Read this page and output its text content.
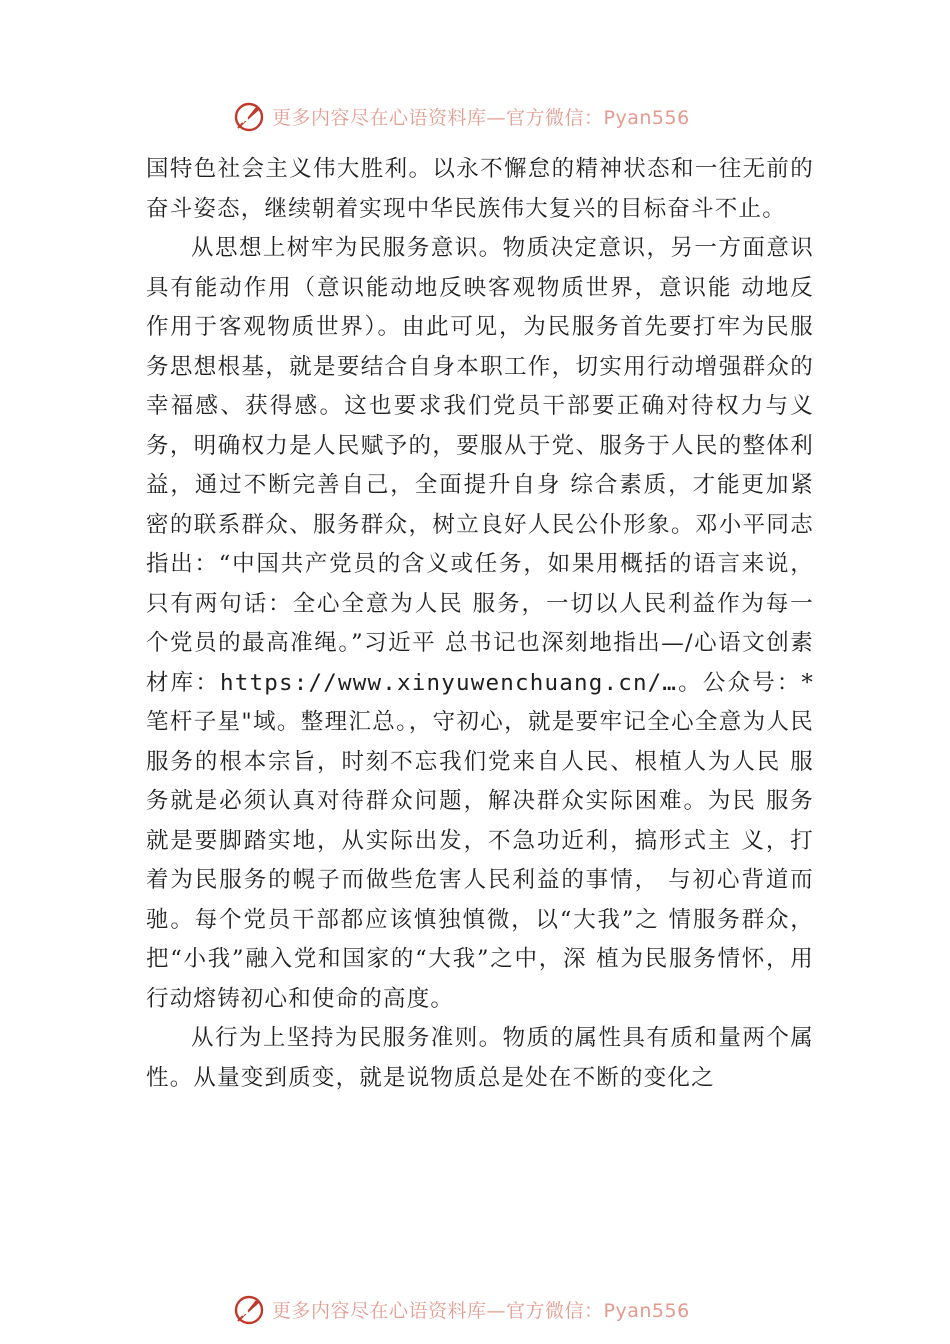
更多内容尽在心语资料库—官方微信：Pyan556

国特色社会主义伟大胜利。以永不懈怠的精神状态和一往无前的奋斗姿态，继续朝着实现中华民族伟大复兴的目标奋斗不止。

从思想上树牢为民服务意识。物质决定意识，另一方面意识具有能动作用（意识能动地反映客观物质世界，意识能 动地反作用于客观物质世界）。由此可见，为民服务首先要打牢为民服务思想根基，就是要结合自身本职工作，切实用行动增强群众的幸福感、获得感。这也要求我们党员干部要正确对待权力与义务，明确权力是人民赋予的，要服从于党、服务于人民的整体利益，通过不断完善自己，全面提升自身 综合素质，才能更加紧密的联系群众、服务群众，树立良好人民公仆形象。邓小平同志指出：“中国共产党员的含义或任务，如果用概括的语言来说，只有两句话：全心全意为人民 服务，一切以人民利益作为每一个党员的最高准绳。”习近平 总书记也深刻地指出—/心语文创素材库：https://www.xinyuwenchuang.cn/…。公众号：*笔杆子星"域。整理汇总。，守初心，就是要牢记全心全意为人民 服务的根本宗旨，时刻不忘我们党来自人民、根植人为人民 服务就是必须认真对待群众问题，解决群众实际困难。为民 服务就是要脚踏实地，从实际出发，不急功近利，搞形式主 义，打着为民服务的幌子而做些危害人民利益的事情， 与初心背道而驰。每个党员干部都应该慎独慎微，以“大我”之 情服务群众，把“小我”融入党和国家的“大我”之中，深 植为民服务情怀，用行动熔铸初心和使命的高度。

从行为上坚持为民服务准则。物质的属性具有质和量两个属性。从量变到质变，就是说物质总是处在不断的变化之

更多内容尽在心语资料库—官方微信：Pyan556
